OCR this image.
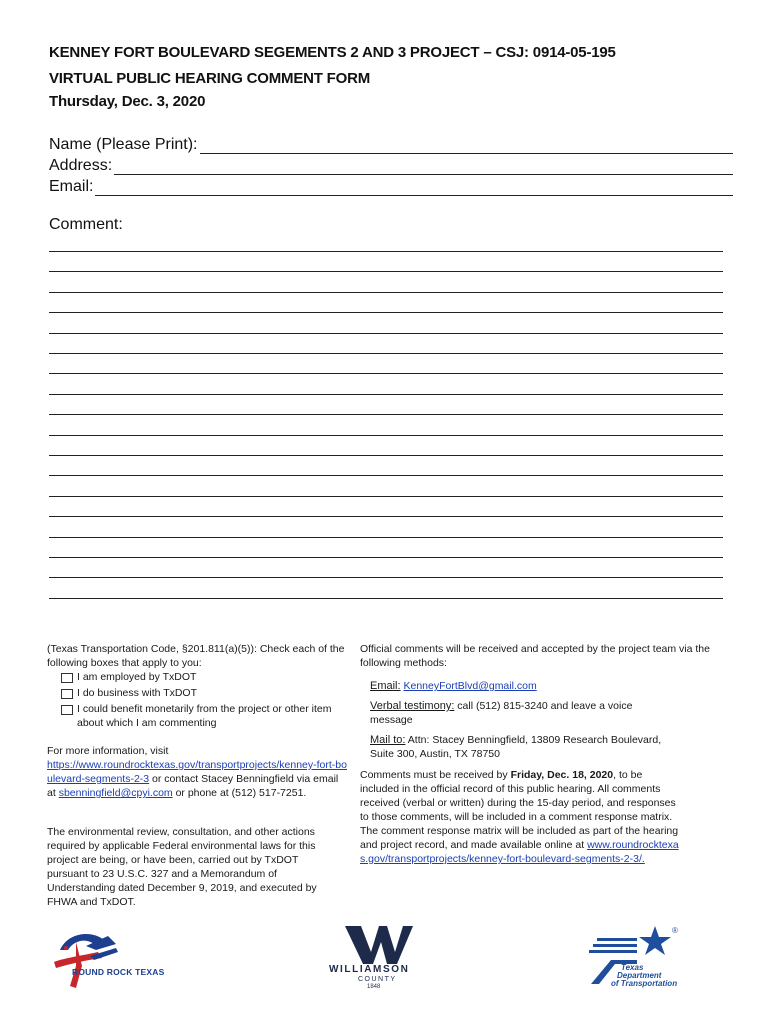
KENNEY FORT BOULEVARD SEGEMENTS 2 AND 3 PROJECT – CSJ: 0914-05-195
VIRTUAL PUBLIC HEARING COMMENT FORM
Thursday, Dec. 3, 2020
Name (Please Print):
Address:
Email:
Comment:
(Texas Transportation Code, §201.811(a)(5)): Check each of the following boxes that apply to you:
I am employed by TxDOT
I do business with TxDOT
I could benefit monetarily from the project or other item about which I am commenting
For more information, visit
https://www.roundrocktexas.gov/transportprojects/kenney-fort-boulevard-segments-2-3 or contact Stacey Benningfield via email at sbenningfield@cpyi.com or phone at (512) 517-7251.
The environmental review, consultation, and other actions required by applicable Federal environmental laws for this project are being, or have been, carried out by TxDOT pursuant to 23 U.S.C. 327 and a Memorandum of Understanding dated December 9, 2019, and executed by FHWA and TxDOT.
Official comments will be received and accepted by the project team via the following methods:
Email: KenneyFortBlvd@gmail.com
Verbal testimony: call (512) 815-3240 and leave a voice message
Mail to: Attn: Stacey Benningfield, 13809 Research Boulevard, Suite 300, Austin, TX 78750
Comments must be received by Friday, Dec. 18, 2020, to be included in the official record of this public hearing. All comments received (verbal or written) during the 15-day period, and responses to those comments, will be included in a comment response matrix. The comment response matrix will be included as part of the hearing and project record, and made available online at www.roundrocktexas.gov/transportprojects/kenney-fort-boulevard-segments-2-3/.
ROUND ROCK TEXAS	WILLIAMSON
COUNTY
1848
®
Texas
Department
of Transportation
